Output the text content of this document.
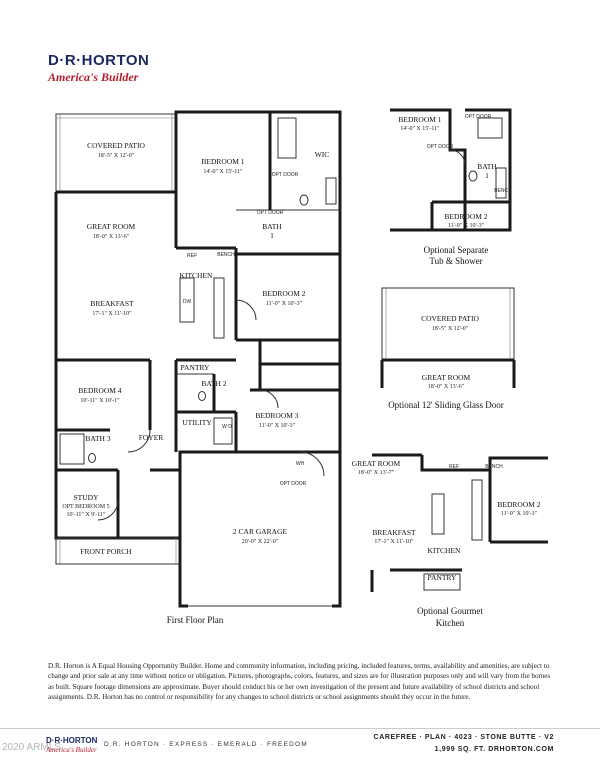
D·R·HORTON
America's Builder
COVERED PATIO
18'-5" X 12'-0"
BEDROOM 1
14'-0" X 15'-11"
WIC
OPT DOOR
OPT DOOR
BATH
1
GREAT ROOM
18'-0" X 13'-6"
REF	BENCH
KITCHEN
DW
BREAKFAST
17'-1" X 11'-10"
BEDROOM 2
11'-0" X 10'-3"
PANTRY
BATH 2
BEDROOM 4
10'-11" X 10'-1"
BEDROOM 3
11'-0" X 10'-3"
BATH 3	FOYER
UTILITY W D
WH
OPT DOOR
STUDY
OPT BEDROOM 5
10'-11" X 9'-11"
2 CAR GARAGE
20'-0" X 22'-0"
FRONT PORCH
First Floor Plan
BEDROOM 1
14'-0" X 15'-11"
OPT DOOR
OPT DOOR
BATH
1
BENCH
BEDROOM 2
11'-0" X 10'-3"
Optional Separate
Tub & Shower
COVERED PATIO
18'-5" X 12'-0"
GREAT ROOM
18'-0" X 13'-6"
Optional 12' Sliding Glass Door
GREAT ROOM
18'-0" X 13'-7"
REF	BENCH
BEDROOM 2
11'-0" X 10'-3"
BREAKFAST
17'-1" X 11'-10"
KITCHEN
PANTRY
Optional Gourmet
Kitchen
D.R. Horton is A Equal Housing Opportunity Builder. Home and community information, including pricing, included features, terms, availability and amenities, are subject to change and prior sale at any time without notice or obligation. Pictures, photographs, colors, features, and sizes are for illustration purposes only and will vary from the homes as built. Square footage dimensions are approximate. Buyer should conduct his or her own investigation of the present and future availability of school districts and school assignments. D.R. Horton has no control or responsibility for any changes to school districts or school assignments should they occur in the future.
D·R·HORTON
America's Builder
D.R. HORTON · EXPRESS · EMERALD · FREEDOM
CAREFREE · PLAN · 4023 · STONE BUTTE · V2
1,999 SQ. FT. DRHORTON.COM
2020 ARMLS
